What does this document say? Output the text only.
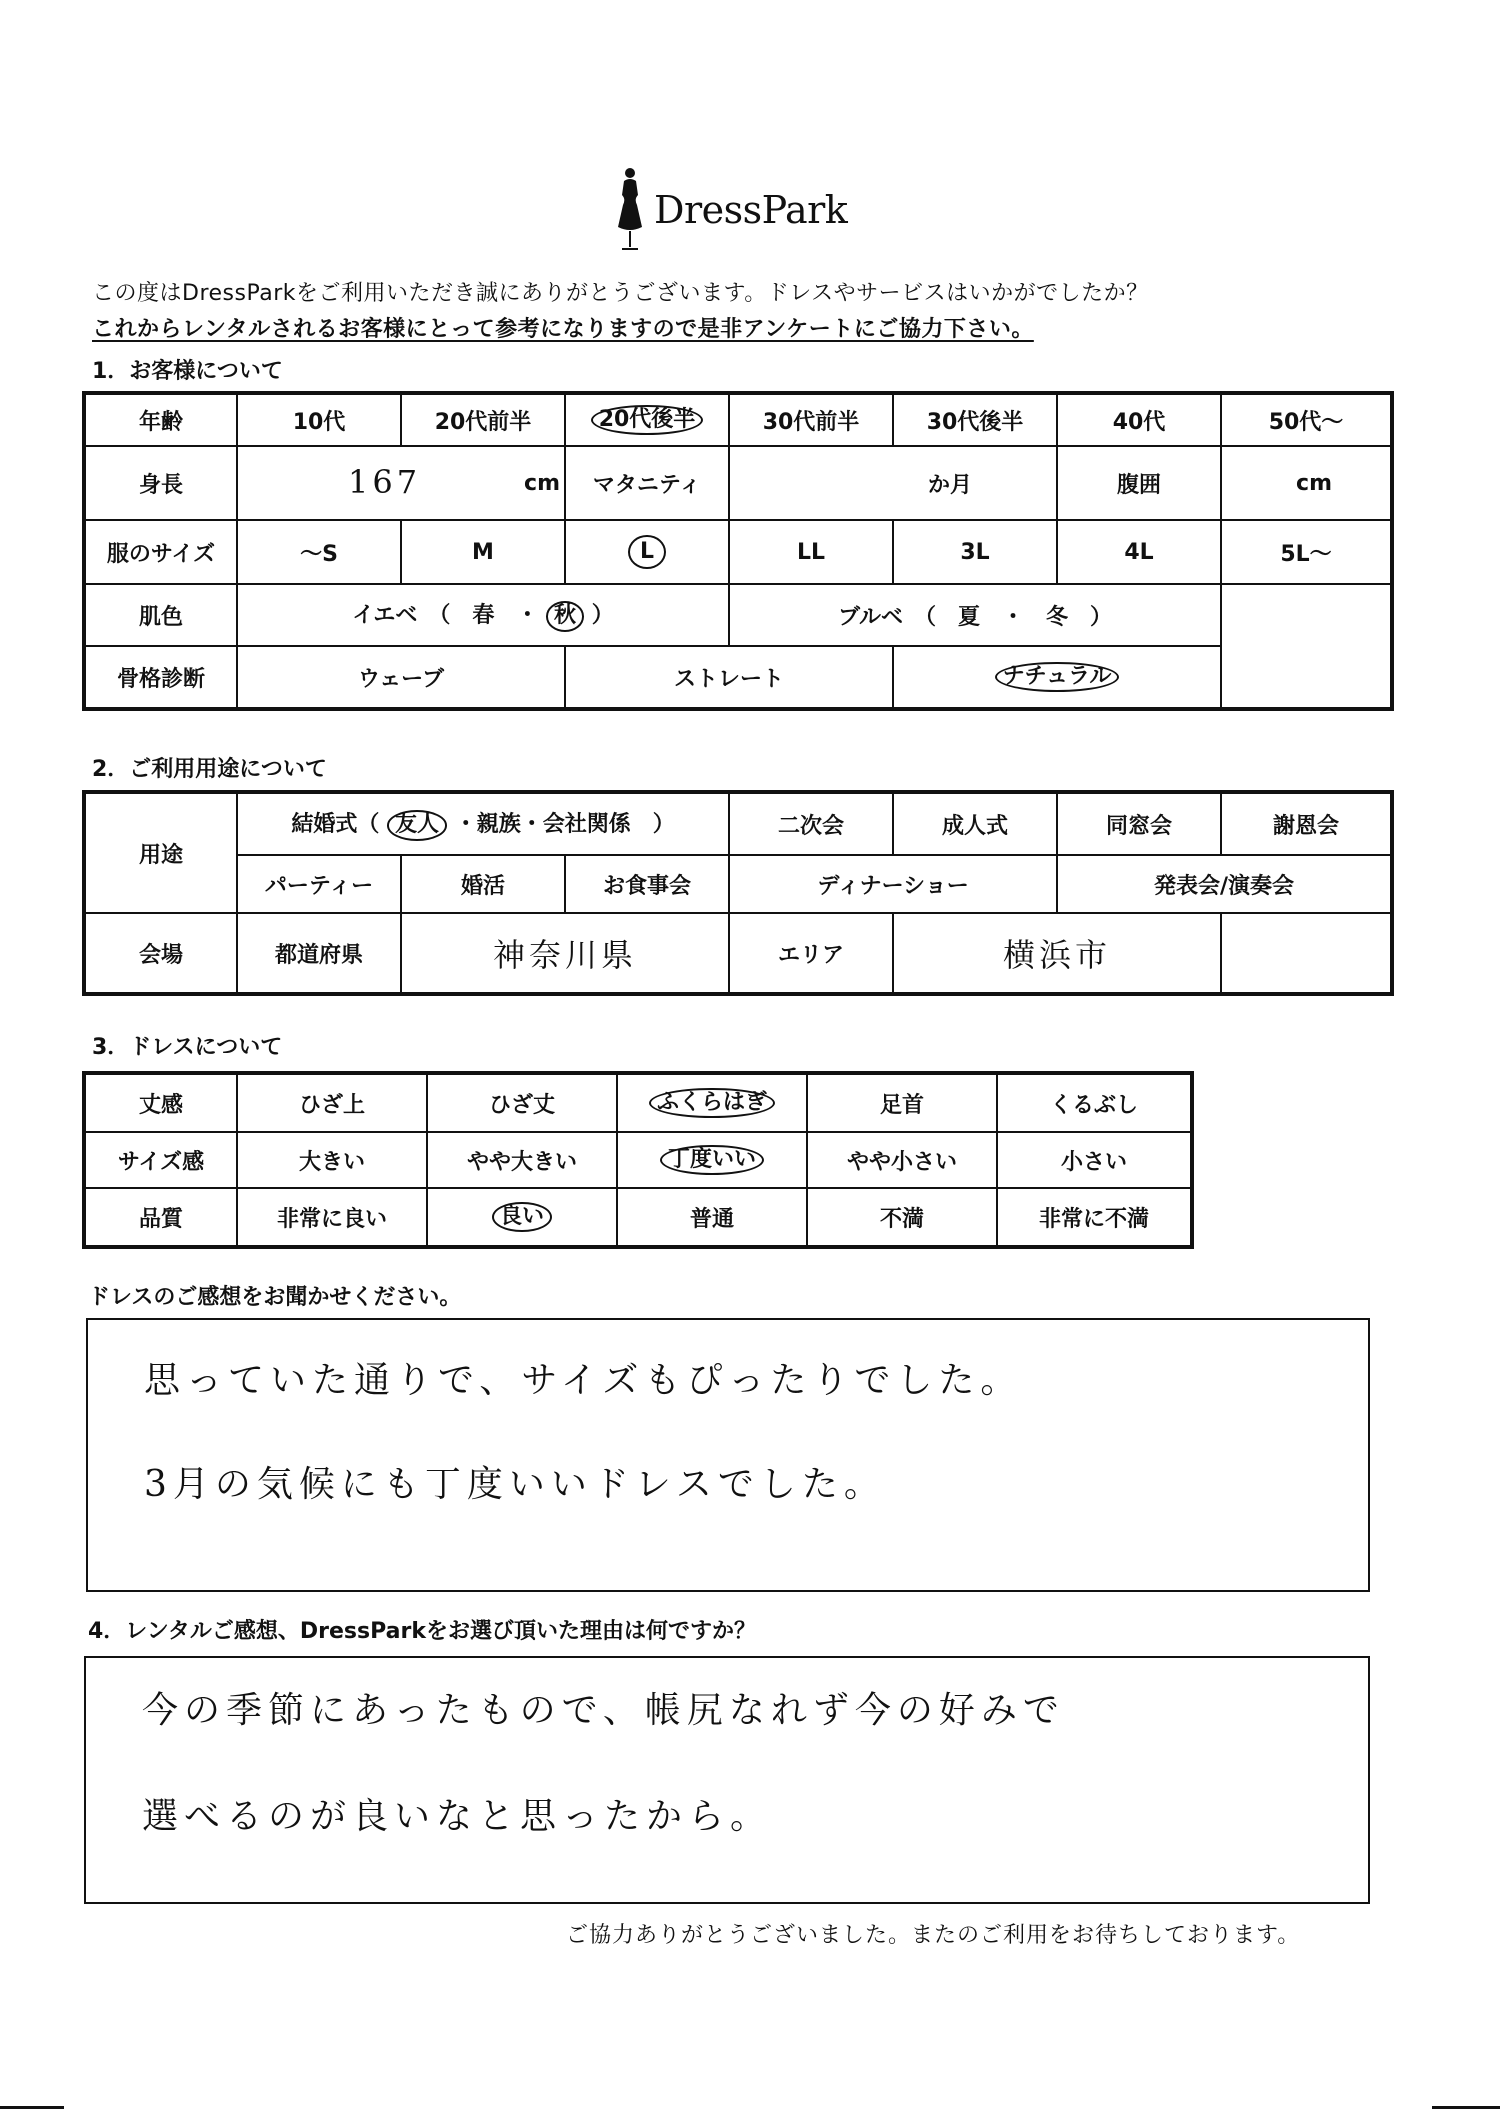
DressPark
この度はDressParkをご利用いただき誠にありがとうございます。ドレスやサービスはいかがでしたか？
これからレンタルされるお客様にとって参考になりますので是非アンケートにご協力下さい。
1．お客様について
年齢	10代	20代前半	20代後半	30代前半	30代後半	40代	50代～
身長	167 cm		マタニティ	か月		腹囲	cm
服のサイズ	～S	M	L	LL	3L	4L	5L～
肌色	イエベ　（　春　・ 秋 ）			ブルベ　（　夏　・　冬　）			
骨格診断	ウェーブ		ストレート		ナチュラル		
2．ご利用用途について
用途	結婚式（ 友人 ・親族・会社関係　）			二次会	成人式	同窓会	謝恩会
	パーティー	婚活	お食事会	ディナーショー		発表会/演奏会	
会場	都道府県	神奈川県		エリア	横浜市		
3．ドレスについて
丈感	ひざ上	ひざ丈	ふくらはぎ	足首	くるぶし
サイズ感	大きい	やや大きい	丁度いい	やや小さい	小さい
品質	非常に良い	良い	普通	不満	非常に不満
ドレスのご感想をお聞かせください。
思っていた通りで、サイズもぴったりでした。
3月の気候にも丁度いいドレスでした。
4．レンタルご感想、DressParkをお選び頂いた理由は何ですか？
今の季節にあったもので、帳尻なれず今の好みで
選べるのが良いなと思ったから。
ご協力ありがとうございました。またのご利用をお待ちしております。
